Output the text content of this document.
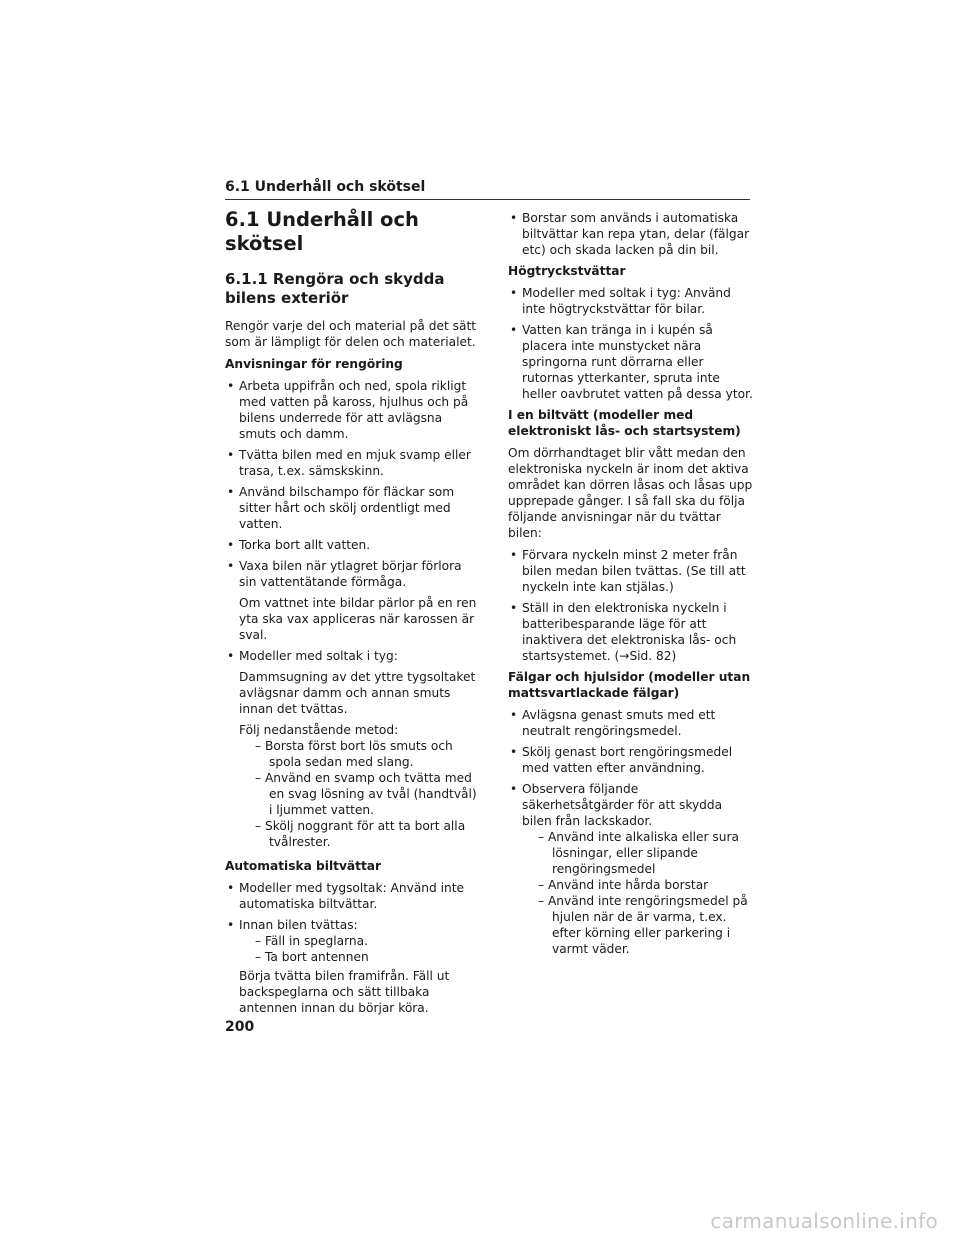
6.1 Underhåll och skötsel
6.1 Underhåll och skötsel
6.1.1 Rengöra och skydda bilens exteriör

Rengör varje del och material på det sätt som är lämpligt för delen och materialet.

Anvisningar för rengöring
• Arbeta uppifrån och ned, spola rikligt med vatten på kaross, hjulhus och på bilens underrede för att avlägsna smuts och damm.
• Tvätta bilen med en mjuk svamp eller trasa, t.ex. sämskskinn.
• Använd bilschampo för fläckar som sitter hårt och skölj ordentligt med vatten.
• Torka bort allt vatten.
• Vaxa bilen när ytlagret börjar förlora sin vattentätande förmåga.
Om vattnet inte bildar pärlor på en ren yta ska vax appliceras när karossen är sval.
• Modeller med soltak i tyg:
Dammsugning av det yttre tygsoltaket avlägsnar damm och annan smuts innan det tvättas.
Följ nedanstående metod:
– Borsta först bort lös smuts och spola sedan med slang.
– Använd en svamp och tvätta med en svag lösning av tvål (handtvål) i ljummet vatten.
– Skölj noggrant för att ta bort alla tvålrester.
Automatiska biltvättar
• Modeller med tygsoltak: Använd inte automatiska biltvättar.
• Innan bilen tvättas:
– Fäll in speglarna.
– Ta bort antennen
Börja tvätta bilen framifrån. Fäll ut backspeglarna och sätt tillbaka antennen innan du börjar köra.
• Borstar som används i automatiska biltvättar kan repa ytan, delar (fälgar etc) och skada lacken på din bil.
Högtryckstvättar
• Modeller med soltak i tyg: Använd inte högtryckstvättar för bilar.
• Vatten kan tränga in i kupén så placera inte munstycket nära springorna runt dörrarna eller rutornas ytterkanter, spruta inte heller oavbrutet vatten på dessa ytor.
I en biltvätt (modeller med elektroniskt lås- och startsystem)

Om dörrhandtaget blir vått medan den elektroniska nyckeln är inom det aktiva området kan dörren låsas och låsas upp upprepade gånger. I så fall ska du följa följande anvisningar när du tvättar bilen:

• Förvara nyckeln minst 2 meter från bilen medan bilen tvättas. (Se till att nyckeln inte kan stjälas.)
• Ställ in den elektroniska nyckeln i batteribesparande läge för att inaktivera det elektroniska lås- och startsystemet. (→Sid. 82)
Fälgar och hjulsidor (modeller utan mattsvartlackade fälgar)
• Avlägsna genast smuts med ett neutralt rengöringsmedel.
• Skölj genast bort rengöringsmedel med vatten efter användning.
• Observera följande säkerhetsåtgärder för att skydda bilen från lackskador.
– Använd inte alkaliska eller sura lösningar, eller slipande rengöringsmedel
– Använd inte hårda borstar
– Använd inte rengöringsmedel på hjulen när de är varma, t.ex. efter körning eller parkering i varmt väder.
200
carmanualsonline.info
